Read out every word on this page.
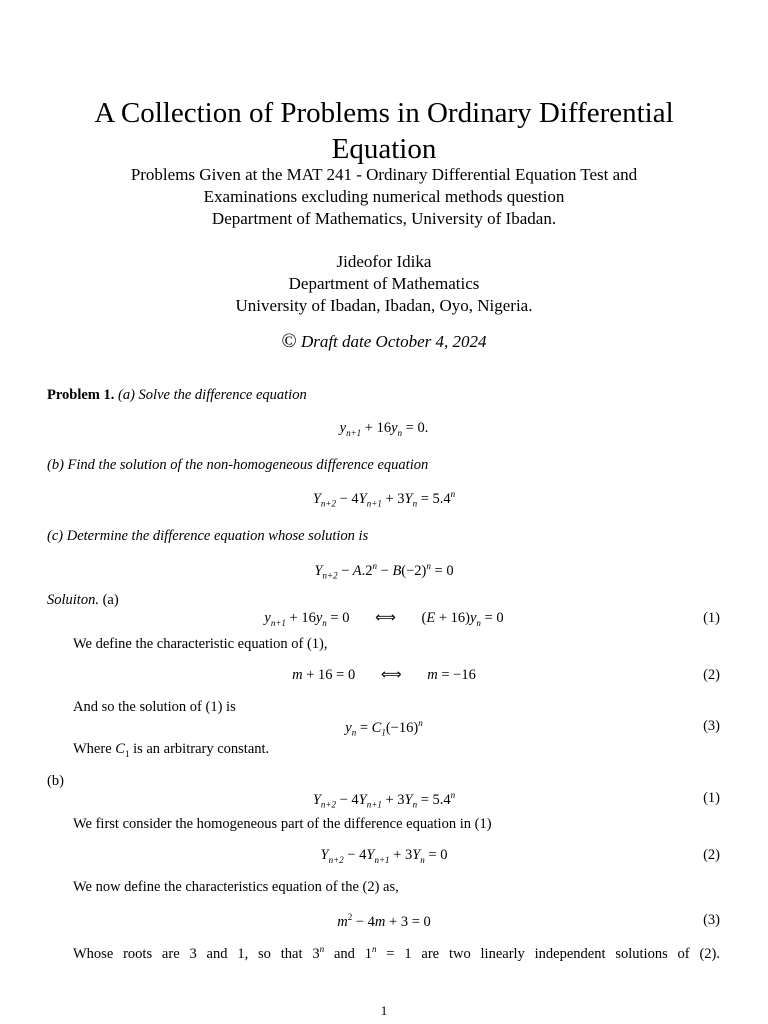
A Collection of Problems in Ordinary Differential
Equation
Problems Given at the MAT 241 - Ordinary Differential Equation Test and
Examinations excluding numerical methods question
Department of Mathematics, University of Ibadan.
Jideofor Idika
Department of Mathematics
University of Ibadan, Ibadan, Oyo, Nigeria.
© Draft date October 4, 2024
Problem 1. (a) Solve the difference equation
$y_{n+1} + 16y_n = 0$.
(b) Find the solution of the non-homogeneous difference equation
$Y_{n+2} - 4Y_{n+1} + 3Y_n = 5.4^n$
(c) Determine the difference equation whose solution is
$Y_{n+2} - A.2^n - B(-2)^n = 0$
Soluiton. (a)
$y_{n+1} + 16y_n = 0$ ⟺ $(E + 16)y_n = 0$	(1)
We define the characteristic equation of (1),
m + 16 = 0 ⟺ m = −16	(2)
And so the solution of (1) is
$y_n = C_1(-16)^n$	(3)
Where $C_1$ is an arbitrary constant.
(b)
$Y_{n+2} - 4Y_{n+1} + 3Y_n = 5.4^n$	(1)
We first consider the homogeneous part of the difference equation in (1)
$Y_{n+2} - 4Y_{n+1} + 3Y_n = 0$	(2)
We now define the characteristics equation of the (2) as,
$m^2 - 4m + 3 = 0$	(3)
Whose roots are 3 and 1, so that 3$^n$ and $1^n = 1$ are two linearly independent solutions of (2).
1
